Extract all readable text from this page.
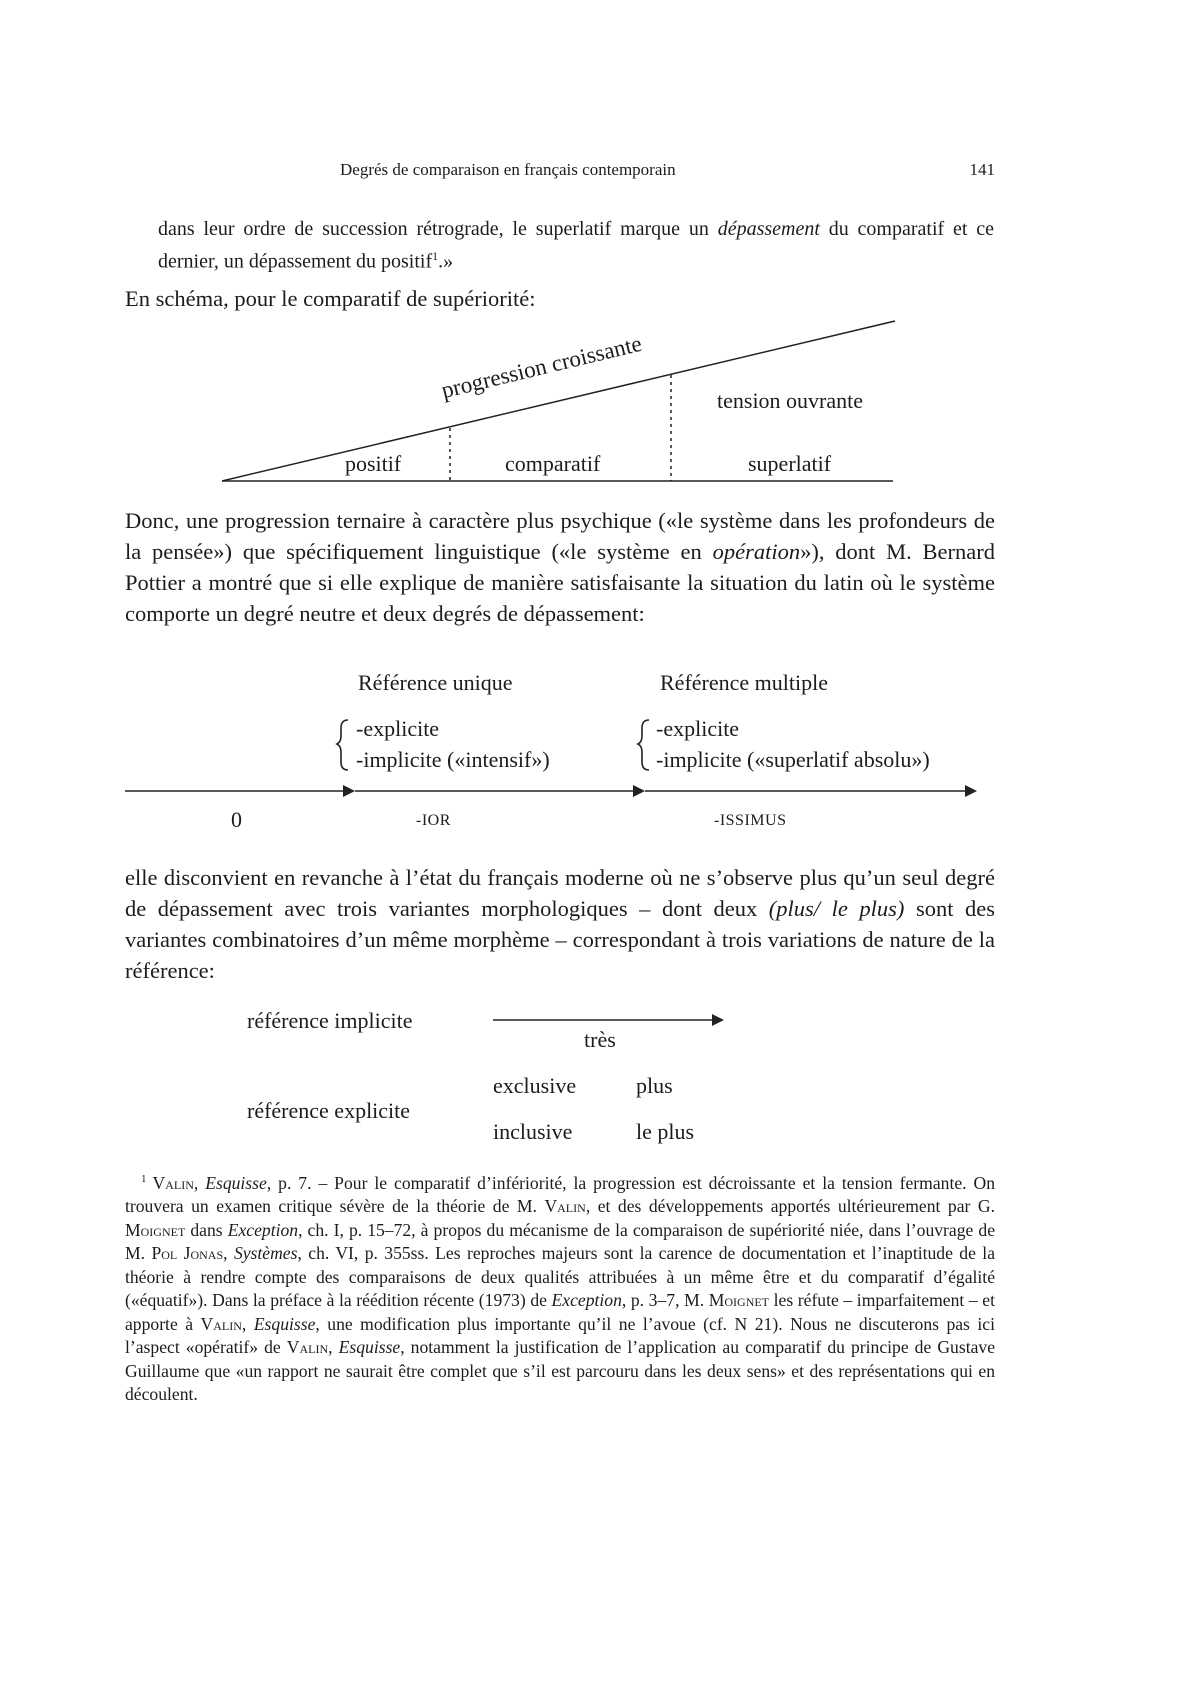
Degrés de comparaison en français contemporain	141
dans leur ordre de succession rétrograde, le superlatif marque un dépassement du comparatif et ce dernier, un dépassement du positif$^1$.»
En schéma, pour le comparatif de supériorité:
progression croissante	tension ouvrante
positif	comparatif	superlatif
Donc, une progression ternaire à caractère plus psychique («le système dans les profondeurs de la pensée») que spécifiquement linguistique («le système en opération»), dont M. Bernard Pottier a montré que si elle explique de manière satisfaisante la situation du latin où le système comporte un degré neutre et deux degrés de dépassement:
Référence unique	Référence multiple
-explicite
-implicite («intensif»)
-explicite
-implicite («superlatif absolu»)
0	-IOR	-ISSIMUS
elle disconvient en revanche à l’état du français moderne où ne s’observe plus qu’un seul degré de dépassement avec trois variantes morphologiques – dont deux (plus/ le plus) sont des variantes combinatoires d’un même morphème – correspondant à trois variations de nature de la référence:
référence implicite
très
référence explicite
exclusive	plus
inclusive	le plus
$^1$ Valin, Esquisse, p. 7. – Pour le comparatif d’infériorité, la progression est décroissante et la tension fermante. On trouvera un examen critique sévère de la théorie de M. Valin, et des développements apportés ultérieurement par G. Moignet dans Exception, ch. I, p. 15–72, à propos du mécanisme de la comparaison de supériorité niée, dans l’ouvrage de M. Pol Jonas, Systèmes, ch. VI, p. 355ss. Les reproches majeurs sont la carence de documentation et l’inaptitude de la théorie à rendre compte des comparaisons de deux qualités attribuées à un même être et du comparatif d’égalité («équatif»). Dans la préface à la réédition récente (1973) de Exception, p. 3–7, M. Moignet les réfute – imparfaitement – et apporte à Valin, Esquisse, une modification plus importante qu’il ne l’avoue (cf. N 21). Nous ne discuterons pas ici l’aspect «opératif» de Valin, Esquisse, notamment la justification de l’application au comparatif du principe de Gustave Guillaume que «un rapport ne saurait être complet que s’il est parcouru dans les deux sens» et des représentations qui en découlent.
